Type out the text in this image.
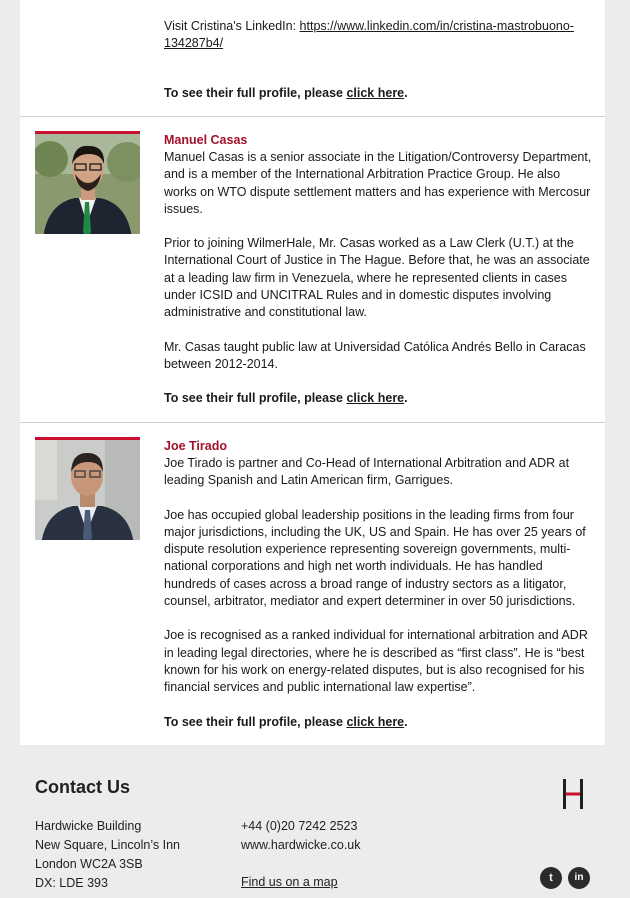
Visit Cristina's LinkedIn: https://www.linkedin.com/in/cristina-mastrobuono-
134287b4/

To see their full profile, please click here.

Manuel Casas

Manuel Casas is a senior associate in the Litigation/Controversy Department,
and is a member of the International Arbitration Practice Group. He also
works on WTO dispute settlement matters and has experience with Mercosur
issues.

Prior to joining WilmerHale, Mr. Casas worked as a Law Clerk (U.T.) at the
International Court of Justice in The Hague. Before that, he was an associate
at a leading law firm in Venezuela, where he represented clients in cases
under ICSID and UNCITRAL Rules and in domestic disputes involving
administrative and constitutional law.

Mr. Casas taught public law at Universidad Católica Andrés Bello in Caracas
between 2012-2014.

To see their full profile, please click here.

Joe Tirado

Joe Tirado is partner and Co-Head of International Arbitration and ADR at
leading Spanish and Latin American firm, Garrigues.

Joe has occupied global leadership positions in the leading firms from four
major jurisdictions, including the UK, US and Spain. He has over 25 years of
dispute resolution experience representing sovereign governments, multi-
national corporations and high net worth individuals. He has handled
hundreds of cases across a broad range of industry sectors as a litigator,
counsel, arbitrator, mediator and expert determiner in over 50 jurisdictions.

Joe is recognised as a ranked individual for international arbitration and ADR
in leading legal directories, where he is described as “first class”. He is “best
known for his work on energy-related disputes, but is also recognised for his
financial services and public international law expertise”.

To see their full profile, please click here.

Contact Us
Hardwicke Building
New Square, Lincoln’s Inn
London WC2A 3SB
DX: LDE 393
+44 (0)20 7242 2523
www.hardwicke.co.uk
Find us on a map	t	in
